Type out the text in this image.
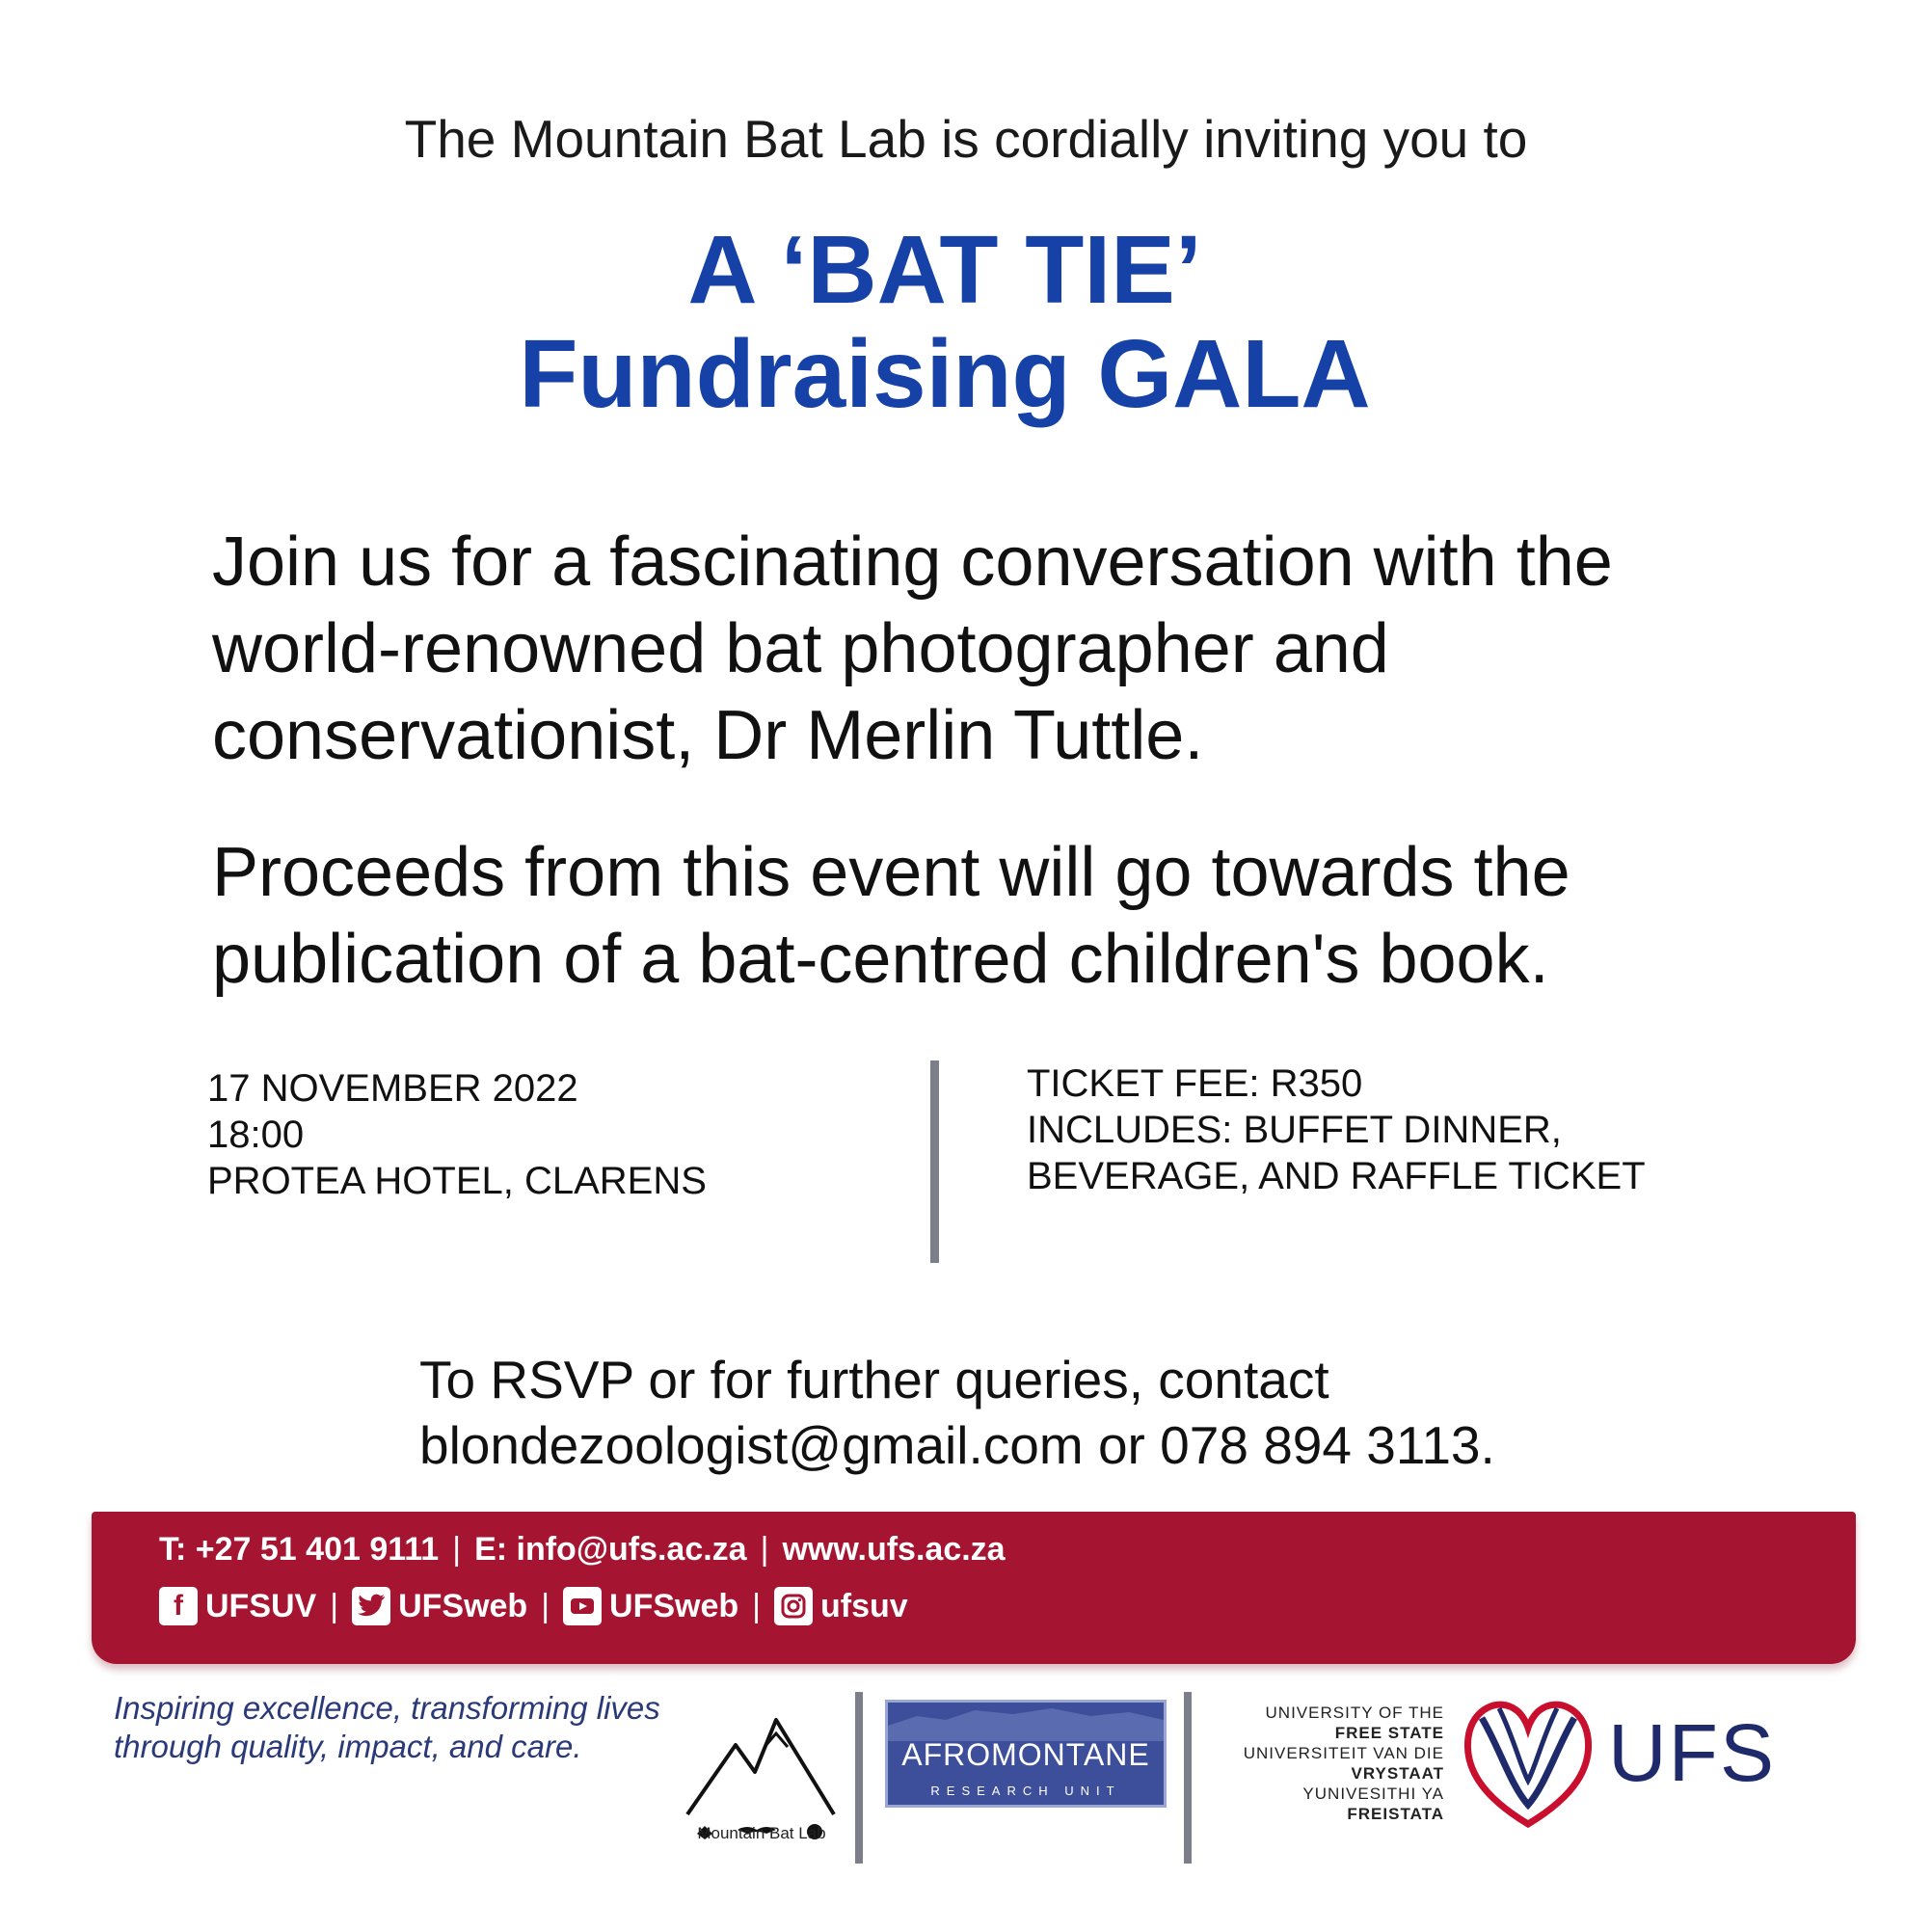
The Mountain Bat Lab is cordially inviting you to
A ‘BAT TIE’
Fundraising GALA
Join us for a fascinating conversation with the world-renowned bat photographer and conservationist, Dr Merlin Tuttle.
Proceeds from this event will go towards the publication of a bat-centred children's book.
17 NOVEMBER 2022
18:00
PROTEA HOTEL, CLARENS
TICKET FEE: R350
INCLUDES: BUFFET DINNER,
BEVERAGE, AND RAFFLE TICKET
To RSVP or for further queries, contact
blondezoologist@gmail.com or 078 894 3113.
T: +27 51 401 9111 | E: info@ufs.ac.za | www.ufs.ac.za
f UFSUV | UFSweb | UFSweb | ufsuv
Inspiring excellence, transforming lives
through quality, impact, and care.
Mountain Bat Lab
AFROMONTANE
RESEARCH UNIT
UNIVERSITY OF THE
FREE STATE
UNIVERSITEIT VAN DIE
VRYSTAAT
YUNIVESITHI YA
FREISTATA
UFS
